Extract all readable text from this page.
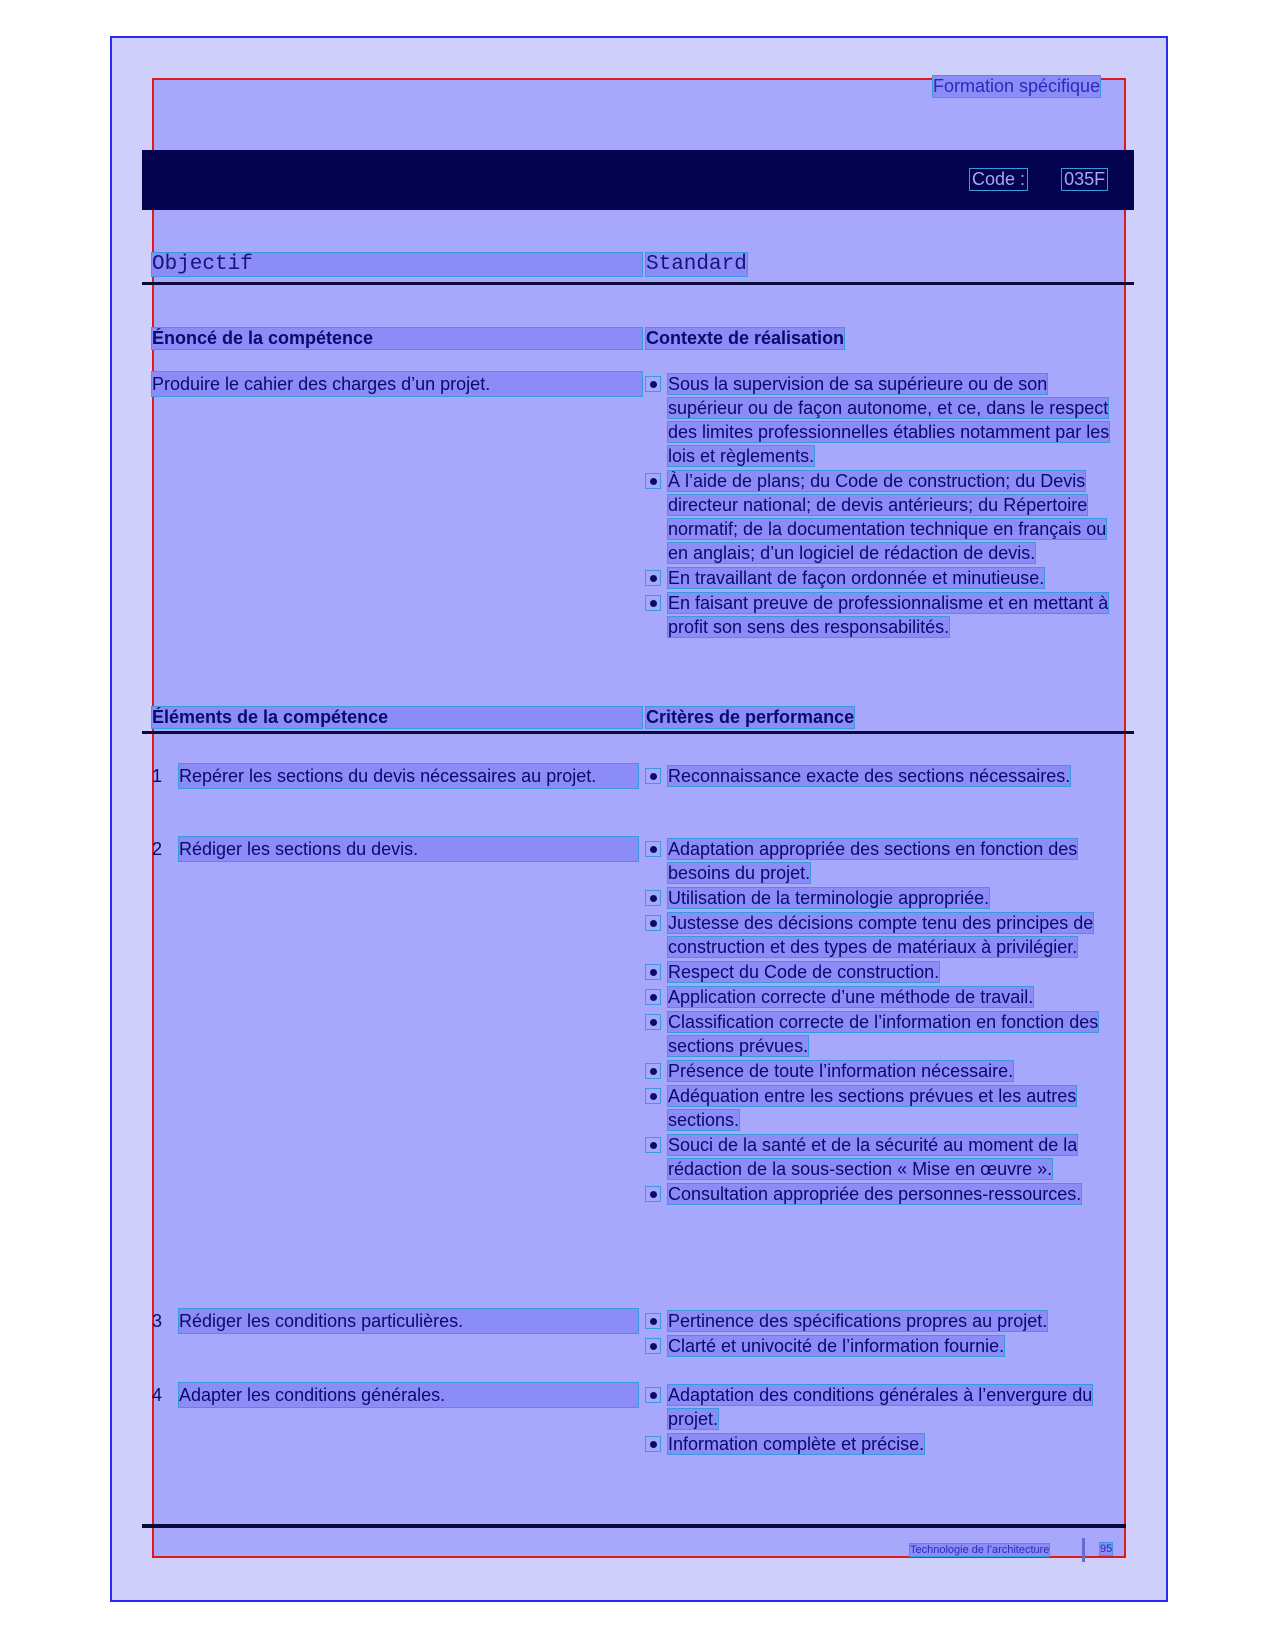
Formation spécifique
Code : 035F
Objectif	Standard
Énoncé de la compétence	Contexte de réalisation
Produire le cahier des charges d’un projet.	Sous la supervision de sa supérieure ou de son supérieur ou de façon autonome, et ce, dans le respect des limites professionnelles établies notamment par les lois et règlements.
À l’aide de plans; du Code de construction; du Devis directeur national; de devis antérieurs; du Répertoire normatif; de la documentation technique en français ou en anglais; d’un logiciel de rédaction de devis.
En travaillant de façon ordonnée et minutieuse.
En faisant preuve de professionnalisme et en mettant à profit son sens des responsabilités.
Éléments de la compétence	Critères de performance
1 Repérer les sections du devis nécessaires au projet.	Reconnaissance exacte des sections nécessaires.
2 Rédiger les sections du devis.	Adaptation appropriée des sections en fonction des besoins du projet.
Utilisation de la terminologie appropriée.
Justesse des décisions compte tenu des principes de construction et des types de matériaux à privilégier.
Respect du Code de construction.
Application correcte d’une méthode de travail.
Classification correcte de l’information en fonction des sections prévues.
Présence de toute l’information nécessaire.
Adéquation entre les sections prévues et les autres sections.
Souci de la santé et de la sécurité au moment de la rédaction de la sous-section « Mise en œuvre ».
Consultation appropriée des personnes-ressources.
3 Rédiger les conditions particulières.	Pertinence des spécifications propres au projet.
Clarté et univocité de l’information fournie.
4 Adapter les conditions générales.	Adaptation des conditions générales à l’envergure du projet.
Information complète et précise.
Technologie de l’architecture	95
